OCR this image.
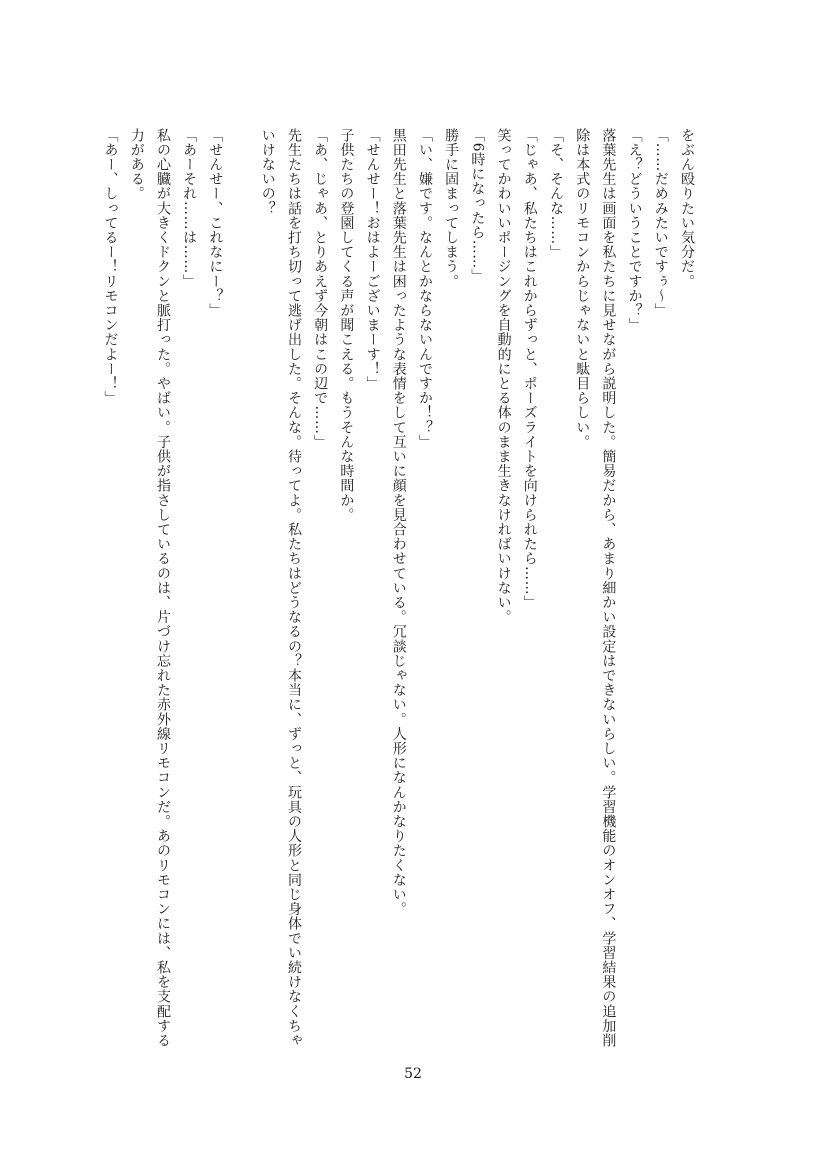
をぶん殴りたい気分だ。
「……だめみたいですぅ〜」
「え？どういうことですか？」
落葉先生は画面を私たちに見せながら説明した。簡易だから、あまり細かい設定はできないらしい。学習機能のオンオフ、学習結果の追加削
除は本式のリモコンからじゃないと駄目らしい。
「そ、そんな……」
「じゃあ、私たちはこれからずっと、ポーズライトを向けられたら……」
笑ってかわいいポージングを自動的にとる体のまま生きなければいけない。
「6時になったら……」
勝手に固まってしまう。
「い、嫌です。なんとかならないんですか！？」
黒田先生と落葉先生は困ったような表情をして互いに顔を見合わせている。冗談じゃない。人形になんかなりたくない。
「せんせー！おはよーございまーす！」
子供たちの登園してくる声が聞こえる。もうそんな時間か。
「あ、じゃあ、とりあえず今朝はこの辺で……」
先生たちは話を打ち切って逃げ出した。そんな。待ってよ。私たちはどうなるの？本当に、ずっと、玩具の人形と同じ身体でい続けなくちゃ
いけないの？
「せんせー、これなにー？」
「あーそれ……は……」
私の心臓が大きくドクンと脈打った。やばい。子供が指さしているのは、片づけ忘れた赤外線リモコンだ。あのリモコンには、私を支配する
力がある。
「あー、しってるー！リモコンだよー！」
52
